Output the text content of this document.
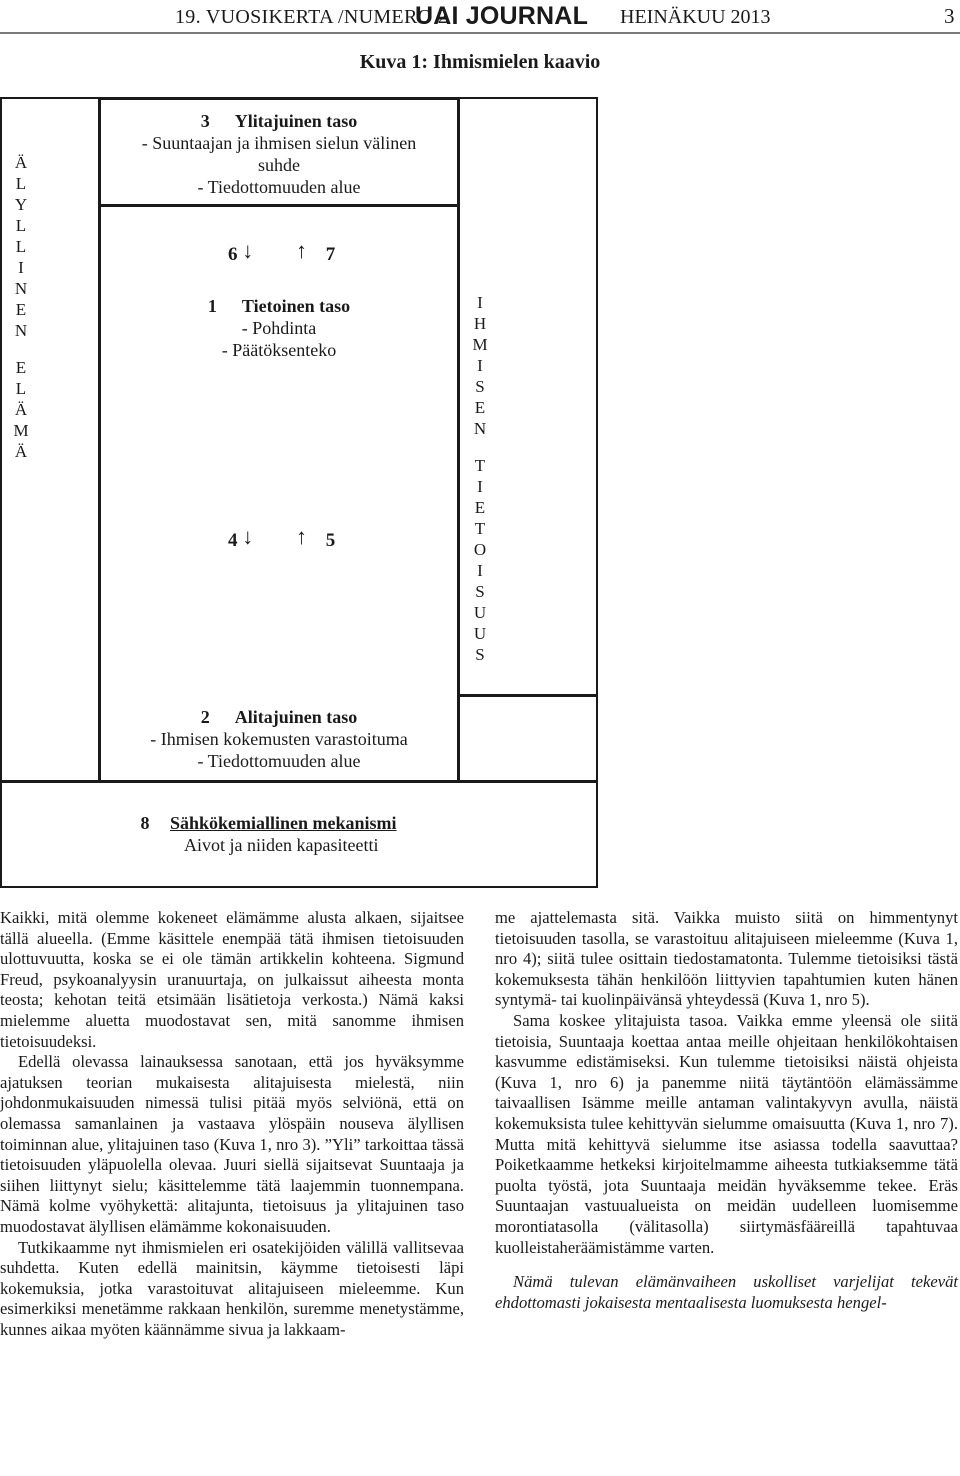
19. VUOSIKERTA /NUMERO 2
UAI JOURNAL HEINÄKUU 2013	3
Kuva 1: Ihmismielen kaavio
Ä
L
Y
L
L
I
N
E
N
E
L
Ä
M
Ä
3 Ylitajuinen taso
- Suuntaajan ja ihmisen sielun välinen
suhde
- Tiedottomuuden alue
6 ↓ ↑ 7
1 Tietoinen taso
- Pohdinta
- Päätöksenteko
4 ↓ ↑ 5
I
H
M
I
S
E
N
T
I
E
T
O
I
S
U
U
S
2 Alitajuinen taso
- Ihmisen kokemusten varastoituma
- Tiedottomuuden alue
8 Sähkökemiallinen mekanismi
Aivot ja niiden kapasiteetti

Kaikki, mitä olemme kokeneet elämämme alusta alkaen, sijaitsee tällä alueella. (Emme käsittele enempää tätä ihmisen tietoisuuden ulottuvuutta, koska se ei ole tämän artikkelin kohteena. Sigmund Freud, psykoanalyysin uranuurtaja, on julkaissut aiheesta monta teosta; kehotan teitä etsimään lisätietoja verkosta.) Nämä kaksi mielemme aluetta muodostavat sen, mitä sanomme ihmisen tietoisuudeksi.

Edellä olevassa lainauksessa sanotaan, että jos hyväksymme ajatuksen teorian mukaisesta alitajuisesta mielestä, niin johdonmukaisuuden nimessä tulisi pitää myös selviönä, että on olemassa samanlainen ja vastaava ylöspäin nouseva älyllisen toiminnan alue, ylitajuinen taso (Kuva 1, nro 3). ”Yli” tarkoittaa tässä tietoisuuden yläpuolella olevaa. Juuri siellä sijaitsevat Suuntaaja ja siihen liittynyt sielu; käsittelemme tätä laajemmin tuonnempana. Nämä kolme vyöhykettä: alitajunta, tietoisuus ja ylitajuinen taso muodostavat älyllisen elämämme kokonaisuuden.

Tutkikaamme nyt ihmismielen eri osatekijöiden välillä vallitsevaa suhdetta. Kuten edellä mainitsin, käymme tietoisesti läpi kokemuksia, jotka varastoituvat alitajuiseen mieleemme. Kun esimerkiksi menetämme rakkaan henkilön, suremme menetystämme, kunnes aikaa myöten käännämme sivua ja lakkaam-

me ajattelemasta sitä. Vaikka muisto siitä on himmentynyt tietoisuuden tasolla, se varastoituu alitajuiseen mieleemme (Kuva 1, nro 4); siitä tulee osittain tiedostamatonta. Tulemme tietoisiksi tästä kokemuksesta tähän henkilöön liittyvien tapahtumien kuten hänen syntymä- tai kuolinpäivänsä yhteydessä (Kuva 1, nro 5).

Sama koskee ylitajuista tasoa. Vaikka emme yleensä ole siitä tietoisia, Suuntaaja koettaa antaa meille ohjeitaan henkilökohtaisen kasvumme edistämiseksi. Kun tulemme tietoisiksi näistä ohjeista (Kuva 1, nro 6) ja panemme niitä täytäntöön elämässämme taivaallisen Isämme meille antaman valintakyvyn avulla, näistä kokemuksista tulee kehittyvän sielumme omaisuutta (Kuva 1, nro 7). Mutta mitä kehittyvä sielumme itse asiassa todella saavuttaa? Poiketkaamme hetkeksi kirjoitelmamme aiheesta tutkiaksemme tätä puolta työstä, jota Suuntaaja meidän hyväksemme tekee. Eräs Suuntaajan vastuualueista on meidän uudelleen luomisemme morontiatasolla (välitasolla) siirtymäsfääreillä tapahtuvaa kuolleistaheräämistämme varten.

Nämä tulevan elämänvaiheen uskolliset varjelijat tekevät ehdottomasti jokaisesta mentaalisesta luomuksesta hengel-
